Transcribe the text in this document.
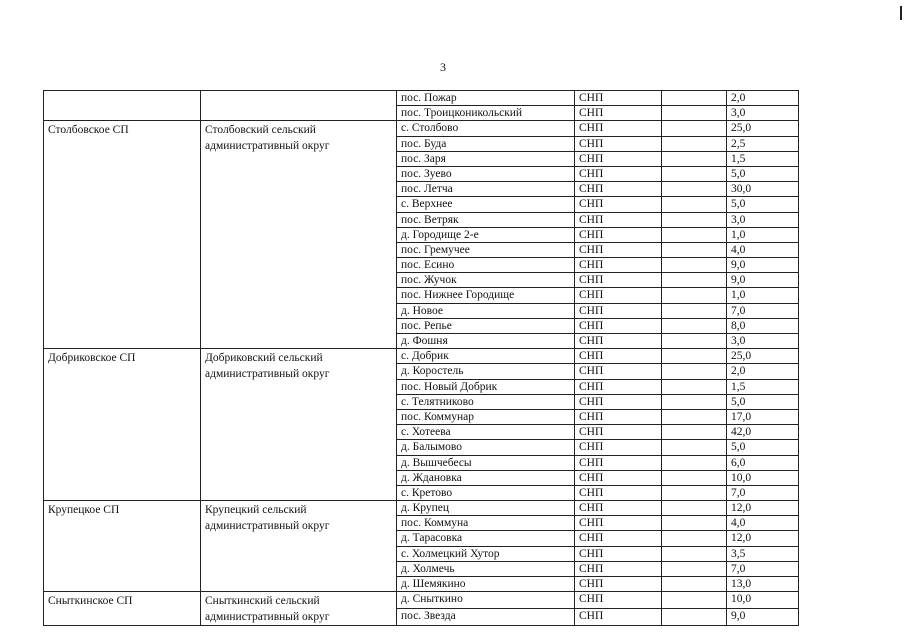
3
		пос. Пожар	СНП		2,0
		пос. Троицконикольский	СНП		3,0
Столбовское СП	Столбовский сельский административный округ	с. Столбово	СНП		25,0
		пос. Буда	СНП		2,5
		пос. Заря	СНП		1,5
		пос. Зуево	СНП		5,0
		пос. Летча	СНП		30,0
		с. Верхнее	СНП		5,0
		пос. Ветряк	СНП		3,0
		д. Городище 2-е	СНП		1,0
		пос. Гремучее	СНП		4,0
		пос. Есино	СНП		9,0
		пос. Жучок	СНП		9,0
		пос. Нижнее Городище	СНП		1,0
		д. Новое	СНП		7,0
		пос. Репье	СНП		8,0
		д. Фошня	СНП		3,0
Добриковское СП	Добриковский сельский административный округ	с. Добрик	СНП		25,0
		д. Коростель	СНП		2,0
		пос. Новый Добрик	СНП		1,5
		с. Телятниково	СНП		5,0
		пос. Коммунар	СНП		17,0
		с. Хотеева	СНП		42,0
		д. Балымово	СНП		5,0
		д. Вышчебесы	СНП		6,0
		д. Ждановка	СНП		10,0
		с. Кретово	СНП		7,0
Крупецкое СП	Крупецкий сельский административный округ	д. Крупец	СНП		12,0
		пос. Коммуна	СНП		4,0
		д. Тарасовка	СНП		12,0
		с. Холмецкий Хутор	СНП		3,5
		д. Холмечь	СНП		7,0
		д. Шемякино	СНП		13,0
Сныткинское СП	Сныткинский сельский административный округ	д. Сныткино	СНП		10,0
		пос. Звезда	СНП		9,0
